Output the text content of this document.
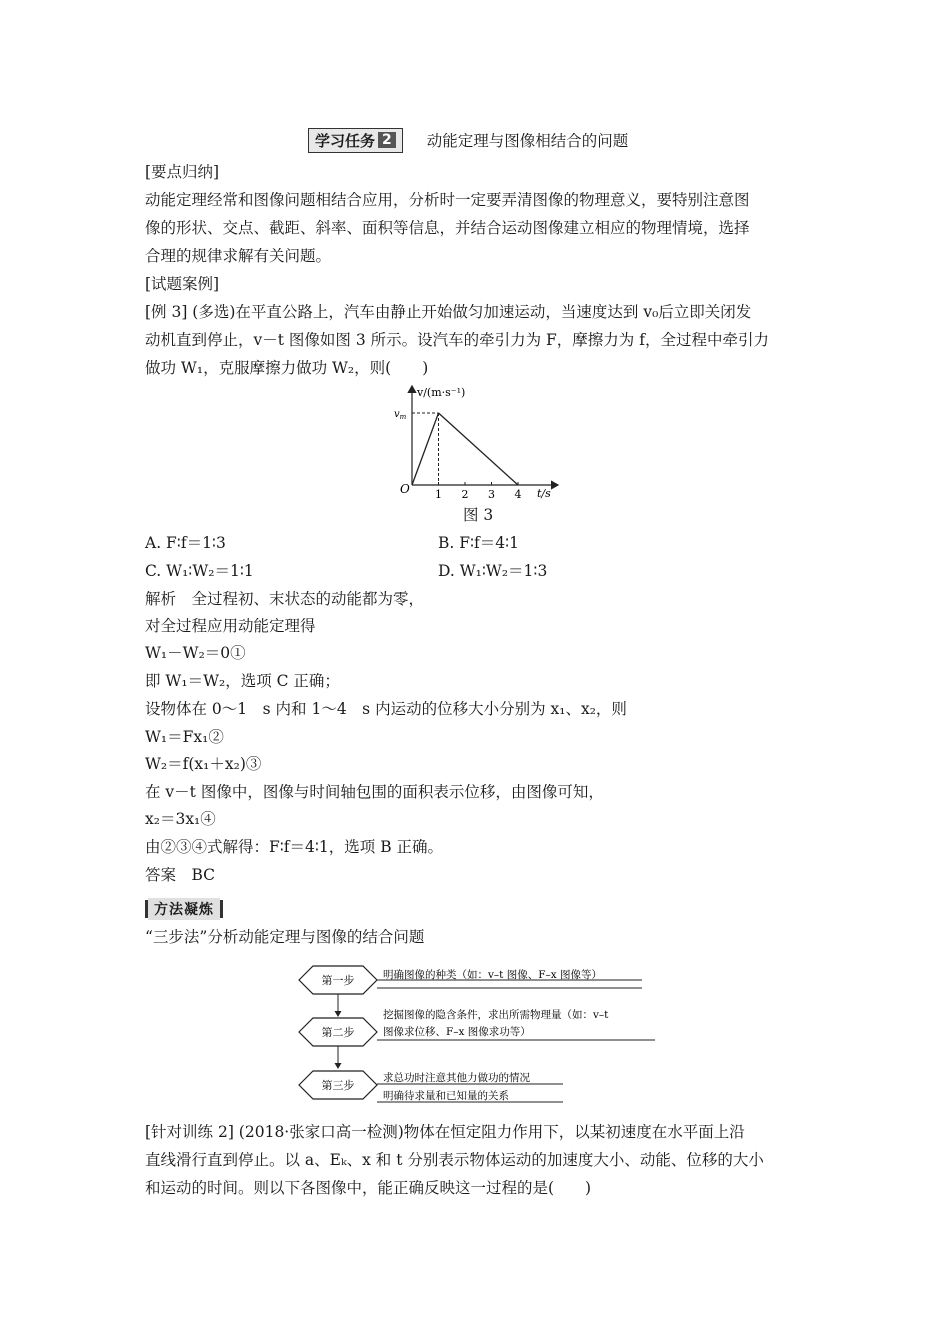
学习任务 2 动能定理与图像相结合的问题
[要点归纳]
动能定理经常和图像问题相结合应用，分析时一定要弄清图像的物理意义，要特别注意图
像的形状、交点、截距、斜率、面积等信息，并结合运动图像建立相应的物理情境，选择
合理的规律求解有关问题。
[试题案例]
[例 3] (多选)在平直公路上，汽车由静止开始做匀加速运动，当速度达到 v₀后立即关闭发
动机直到停止，v－t 图像如图 3 所示。设汽车的牵引力为 F，摩擦力为 f，全过程中牵引力
做功 W₁，克服摩擦力做功 W₂，则(　　)
v/(m·s⁻¹)
t/s
O
$v_m$
1 2 3 4
图 3
A. F∶f＝1∶3	B. F∶f＝4∶1
C. W₁∶W₂＝1∶1	D. W₁∶W₂＝1∶3
解析　全过程初、末状态的动能都为零，
对全过程应用动能定理得
W₁－W₂＝0①
即 W₁＝W₂，选项 C 正确；
设物体在 0～1　s 内和 1～4　s 内运动的位移大小分别为 x₁、x₂，则
W₁＝Fx₁②
W₂＝f(x₁＋x₂)③
在 v－t 图像中，图像与时间轴包围的面积表示位移，由图像可知，
x₂＝3x₁④
由②③④式解得：F∶f＝4∶1，选项 B 正确。
答案　BC
方法凝炼
“三步法”分析动能定理与图像的结合问题
第一步	明确图像的种类（如：v–t 图像、F–x 图像等）
第二步
挖掘图像的隐含条件，求出所需物理量（如：v–t
图像求位移、F–x 图像求功等）
第三步
求总功时注意其他力做功的情况
明确待求量和已知量的关系
[针对训练 2] (2018·张家口高一检测)物体在恒定阻力作用下，以某初速度在水平面上沿
直线滑行直到停止。以 a、Eₖ、x 和 t 分别表示物体运动的加速度大小、动能、位移的大小
和运动的时间。则以下各图像中，能正确反映这一过程的是(　　)
